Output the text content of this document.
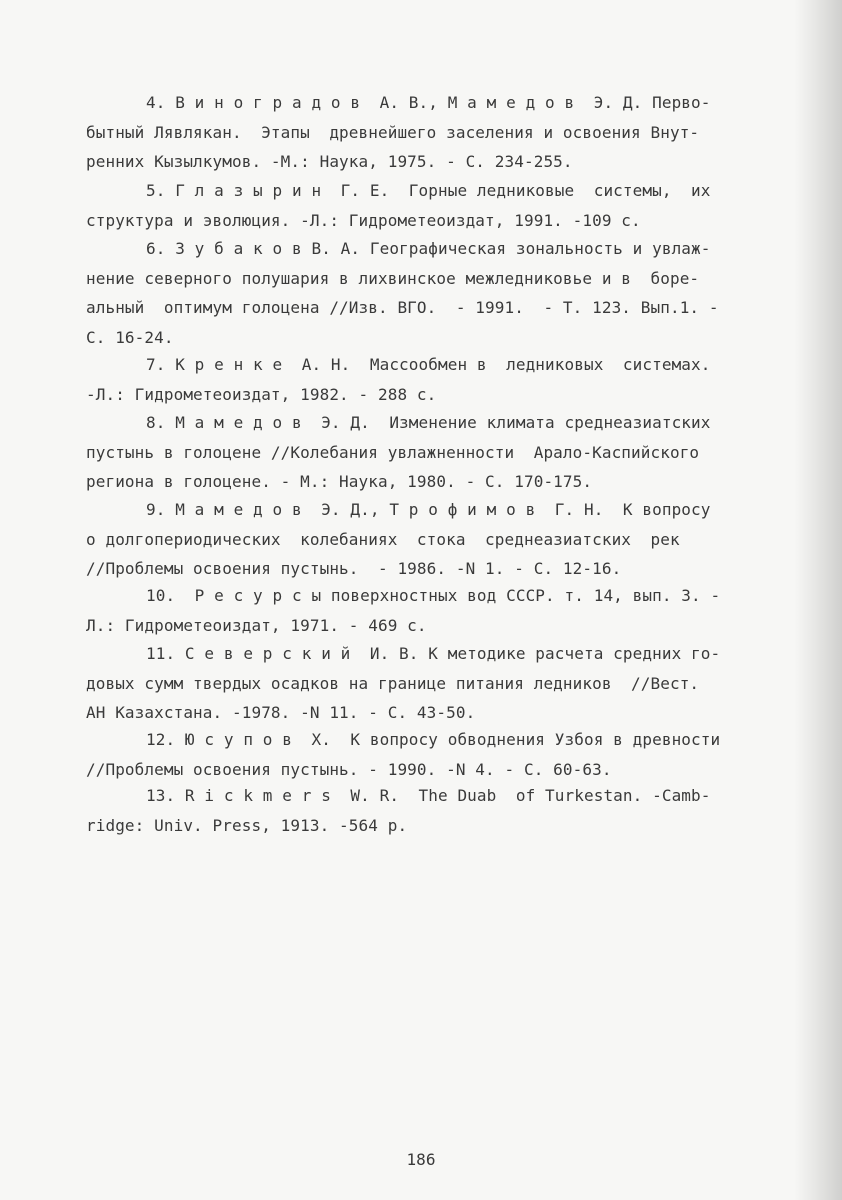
4. В и н о г р а д о в  А. В., М а м е д о в  Э. Д. Перво-
бытный Лявлякан.  Этапы  древнейшего заселения и освоения Внут-
ренних Кызылкумов. -М.: Наука, 1975. - С. 234-255.
5. Г л а з ы р и н  Г. Е.  Горные ледниковые  системы,  их
структура и эволюция. -Л.: Гидрометеоиздат, 1991. -109 с.
6. З у б а к о в В. А. Географическая зональность и увлаж-
нение северного полушария в лихвинское межледниковье и в  боре-
альный  оптимум голоцена //Изв. ВГО.  - 1991.  - Т. 123. Вып.1. -
С. 16-24.
7. К р е н к е  А. Н.  Массообмен в  ледниковых  системах.
-Л.: Гидрометеоиздат, 1982. - 288 с.
8. М а м е д о в  Э. Д.  Изменение климата среднеазиатских
пустынь в голоцене //Колебания увлажненности  Арало-Каспийского
региона в голоцене. - М.: Наука, 1980. - С. 170-175.
9. М а м е д о в  Э. Д., Т р о ф и м о в  Г. Н.  К вопросу
о долгопериодических  колебаниях  стока  среднеазиатских  рек
//Проблемы освоения пустынь.  - 1986. -N 1. - С. 12-16.
10.  Р е с у р с ы поверхностных вод СССР. т. 14, вып. 3. -
Л.: Гидрометеоиздат, 1971. - 469 с.
11. С е в е р с к и й  И. В. К методике расчета средних го-
довых сумм твердых осадков на границе питания ледников  //Вест.
АН Казахстана. -1978. -N 11. - С. 43-50.
12. Ю с у п о в  Х.  К вопросу обводнения Узбоя в древности
//Проблемы освоения пустынь. - 1990. -N 4. - С. 60-63.
13. R i c k m e r s  W. R.  The Duab  of Turkestan. -Camb-
ridge: Univ. Press, 1913. -564 p.
186
